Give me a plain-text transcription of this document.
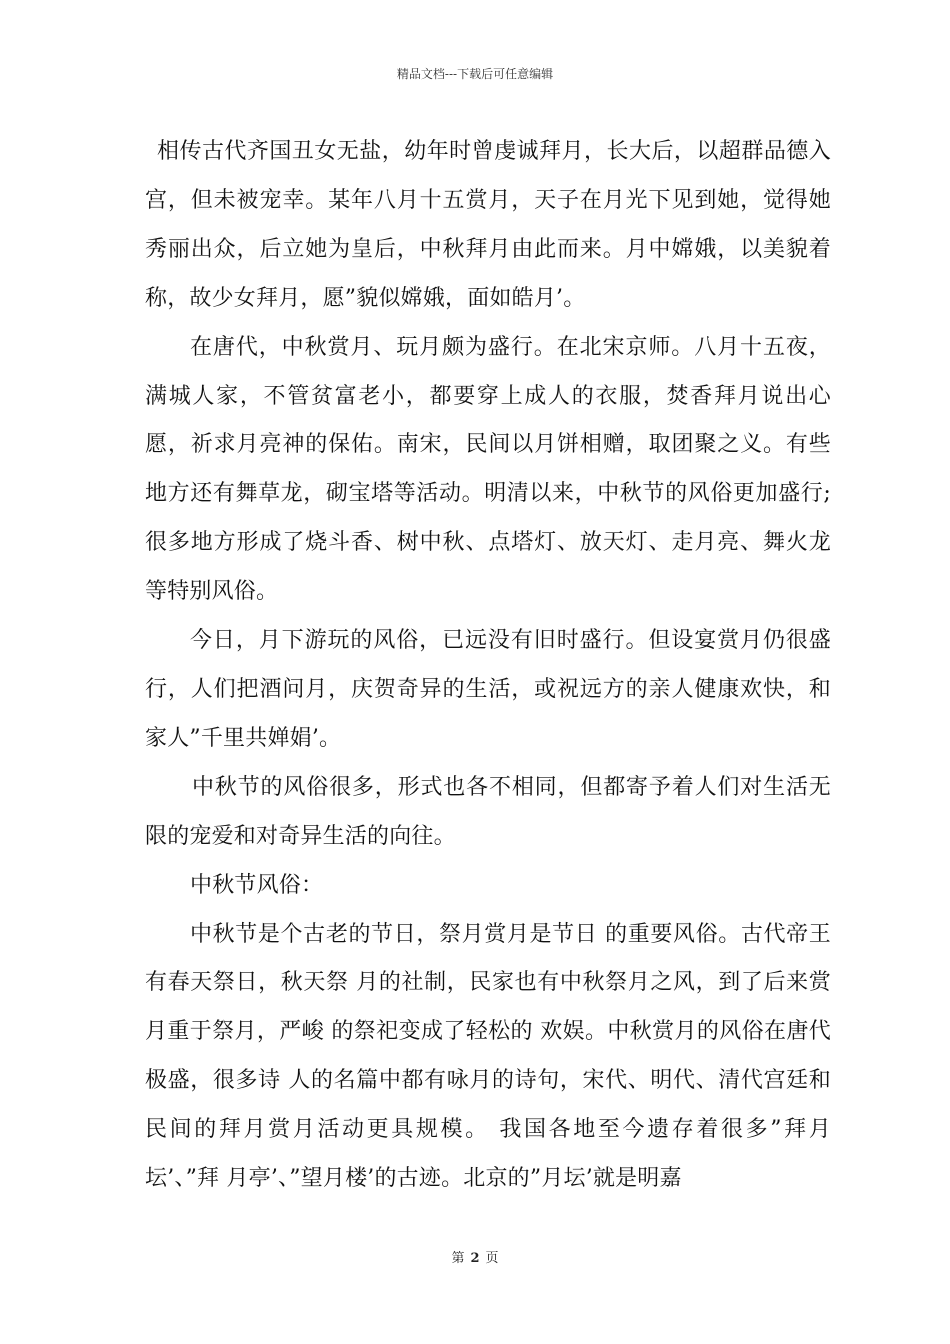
精品文档---下载后可任意编辑

相传古代齐国丑女无盐，幼年时曾虔诚拜月，长大后，以超群品德入宫，但未被宠幸。某年八月十五赏月，天子在月光下见到她，觉得她秀丽出众，后立她为皇后，中秋拜月由此而来。月中嫦娥，以美貌着称，故少女拜月，愿”貌似嫦娥，面如皓月’。

在唐代，中秋赏月、玩月颇为盛行。在北宋京师。八月十五夜，满城人家，不管贫富老小，都要穿上成人的衣服，焚香拜月说出心愿，祈求月亮神的保佑。南宋，民间以月饼相赠，取团聚之义。有些地方还有舞草龙，砌宝塔等活动。明清以来，中秋节的风俗更加盛行;很多地方形成了烧斗香、树中秋、点塔灯、放天灯、走月亮、舞火龙等特别风俗。

今日，月下游玩的风俗，已远没有旧时盛行。但设宴赏月仍很盛行，人们把酒问月，庆贺奇异的生活，或祝远方的亲人健康欢快，和家人”千里共婵娟’。

中秋节的风俗很多，形式也各不相同，但都寄予着人们对生活无限的宠爱和对奇异生活的向往。

中秋节风俗：

中秋节是个古老的节日，祭月赏月是节日 的重要风俗。古代帝王有春天祭日，秋天祭 月的社制，民家也有中秋祭月之风，到了后来赏月重于祭月，严峻 的祭祀变成了轻松的 欢娱。中秋赏月的风俗在唐代极盛，很多诗 人的名篇中都有咏月的诗句，宋代、明代、清代宫廷和民间的拜月赏月活动更具规模。 我国各地至今遗存着很多”拜月坛’、”拜 月亭’、”望月楼’的古迹。北京的”月坛’就是明嘉

第 2 页
